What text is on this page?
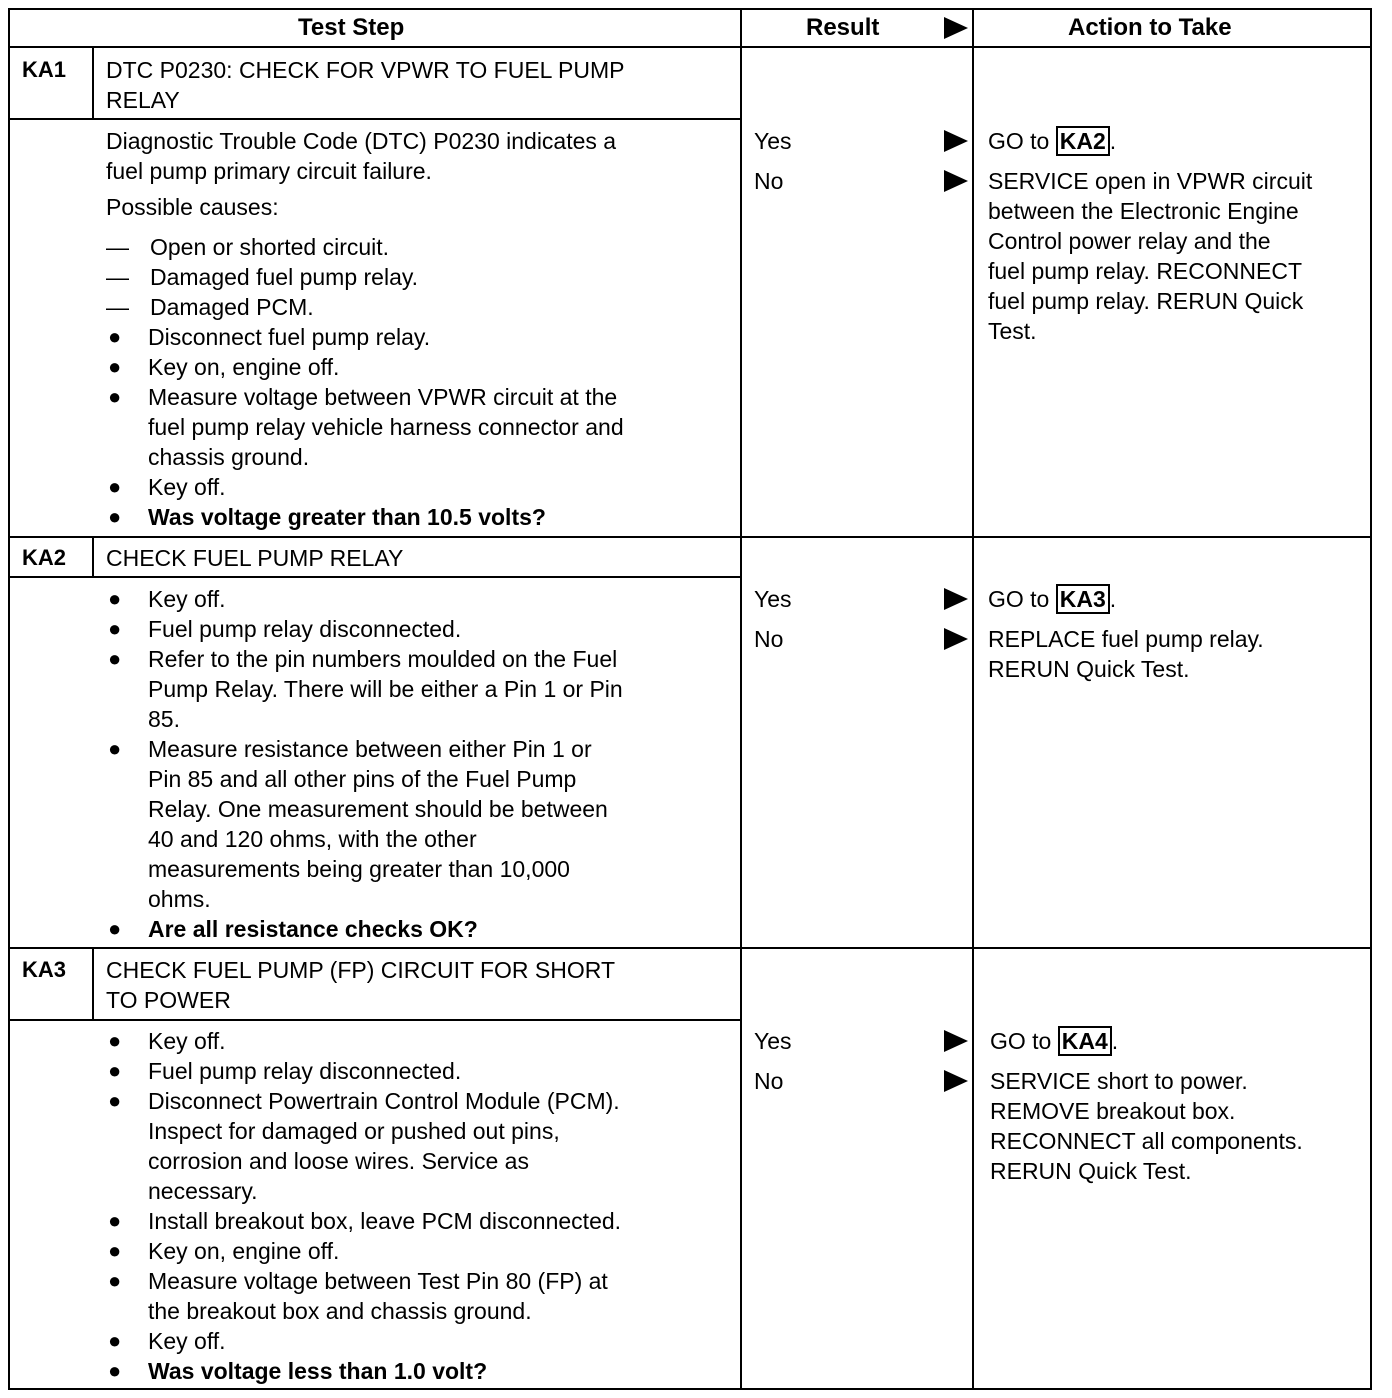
Test Step	Result	Action to Take
KA1 DTC P0230: CHECK FOR VPWR TO FUEL PUMP
RELAY
Diagnostic Trouble Code (DTC) P0230 indicates a
fuel pump primary circuit failure.
Possible causes:
— Open or shorted circuit.
— Damaged fuel pump relay.
— Damaged PCM.
● Disconnect fuel pump relay.
● Key on, engine off.
● Measure voltage between VPWR circuit at the
fuel pump relay vehicle harness connector and
chassis ground.
● Key off.
● Was voltage greater than 10.5 volts?
Yes
No
GO to KA2 .
SERVICE open in VPWR circuit
between the Electronic Engine
Control power relay and the
fuel pump relay. RECONNECT
fuel pump relay. RERUN Quick
Test.
KA2 CHECK FUEL PUMP RELAY
● Key off.
● Fuel pump relay disconnected.
● Refer to the pin numbers moulded on the Fuel
Pump Relay. There will be either a Pin 1 or Pin
85.
● Measure resistance between either Pin 1 or
Pin 85 and all other pins of the Fuel Pump
Relay. One measurement should be between
40 and 120 ohms, with the other
measurements being greater than 10,000
ohms.
● Are all resistance checks OK?
Yes
No
GO to KA3 .
REPLACE fuel pump relay.
RERUN Quick Test.
KA3 CHECK FUEL PUMP (FP) CIRCUIT FOR SHORT
TO POWER
● Key off.
● Fuel pump relay disconnected.
● Disconnect Powertrain Control Module (PCM).
Inspect for damaged or pushed out pins,
corrosion and loose wires. Service as
necessary.
● Install breakout box, leave PCM disconnected.
● Key on, engine off.
● Measure voltage between Test Pin 80 (FP) at
the breakout box and chassis ground.
● Key off.
● Was voltage less than 1.0 volt?
Yes
No
GO to KA4 .
SERVICE short to power.
REMOVE breakout box.
RECONNECT all components.
RERUN Quick Test.
